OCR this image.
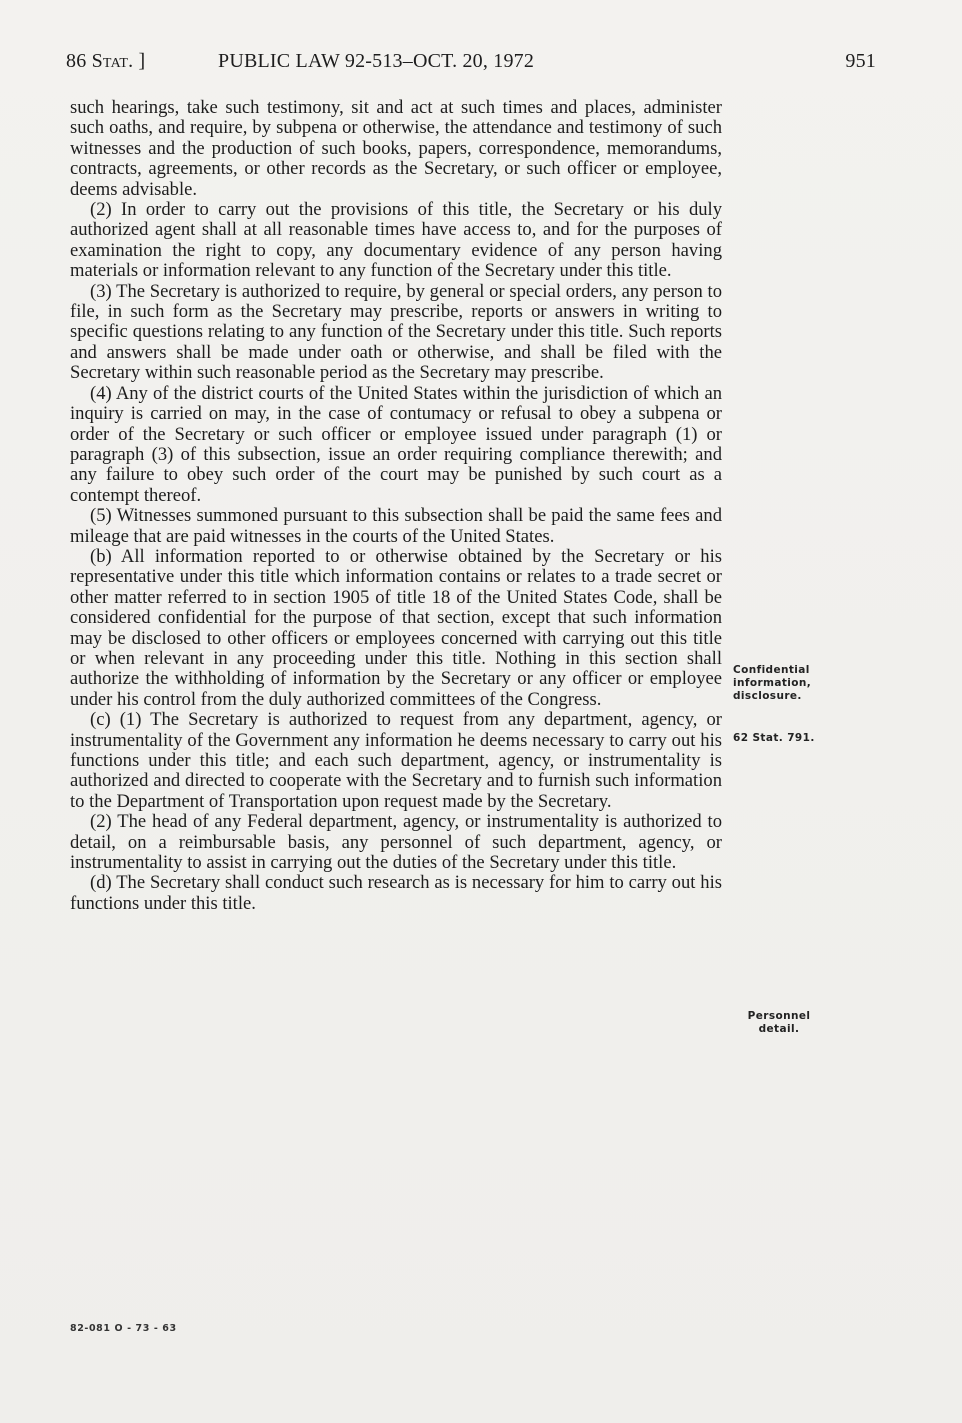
86 Stat. ]	PUBLIC LAW 92-513–OCT. 20, 1972	951

such hearings, take such testimony, sit and act at such times and places, administer such oaths, and require, by subpena or otherwise, the attendance and testimony of such witnesses and the production of such books, papers, correspondence, memorandums, contracts, agreements, or other records as the Secretary, or such officer or employee, deems advisable.

(2) In order to carry out the provisions of this title, the Secretary or his duly authorized agent shall at all reasonable times have access to, and for the purposes of examination the right to copy, any documentary evidence of any person having materials or information relevant to any function of the Secretary under this title.

(3) The Secretary is authorized to require, by general or special orders, any person to file, in such form as the Secretary may prescribe, reports or answers in writing to specific questions relating to any function of the Secretary under this title. Such reports and answers shall be made under oath or otherwise, and shall be filed with the Secretary within such reasonable period as the Secretary may prescribe.

(4) Any of the district courts of the United States within the jurisdiction of which an inquiry is carried on may, in the case of contumacy or refusal to obey a subpena or order of the Secretary or such officer or employee issued under paragraph (1) or paragraph (3) of this subsection, issue an order requiring compliance therewith; and any failure to obey such order of the court may be punished by such court as a contempt thereof.

(5) Witnesses summoned pursuant to this subsection shall be paid the same fees and mileage that are paid witnesses in the courts of the United States.

(b) All information reported to or otherwise obtained by the Secretary or his representative under this title which information contains or relates to a trade secret or other matter referred to in section 1905 of title 18 of the United States Code, shall be considered confidential for the purpose of that section, except that such information may be disclosed to other officers or employees concerned with carrying out this title or when relevant in any proceeding under this title. Nothing in this section shall authorize the withholding of information by the Secretary or any officer or employee under his control from the duly authorized committees of the Congress.

(c) (1) The Secretary is authorized to request from any department, agency, or instrumentality of the Government any information he deems necessary to carry out his functions under this title; and each such department, agency, or instrumentality is authorized and directed to cooperate with the Secretary and to furnish such information to the Department of Transportation upon request made by the Secretary.

(2) The head of any Federal department, agency, or instrumentality is authorized to detail, on a reimbursable basis, any personnel of such department, agency, or instrumentality to assist in carrying out the duties of the Secretary under this title.

(d) The Secretary shall conduct such research as is necessary for him to carry out his functions under this title.

Confidential information, disclosure.
62 Stat. 791.
Personnel detail.
82-081 O - 73 - 63
